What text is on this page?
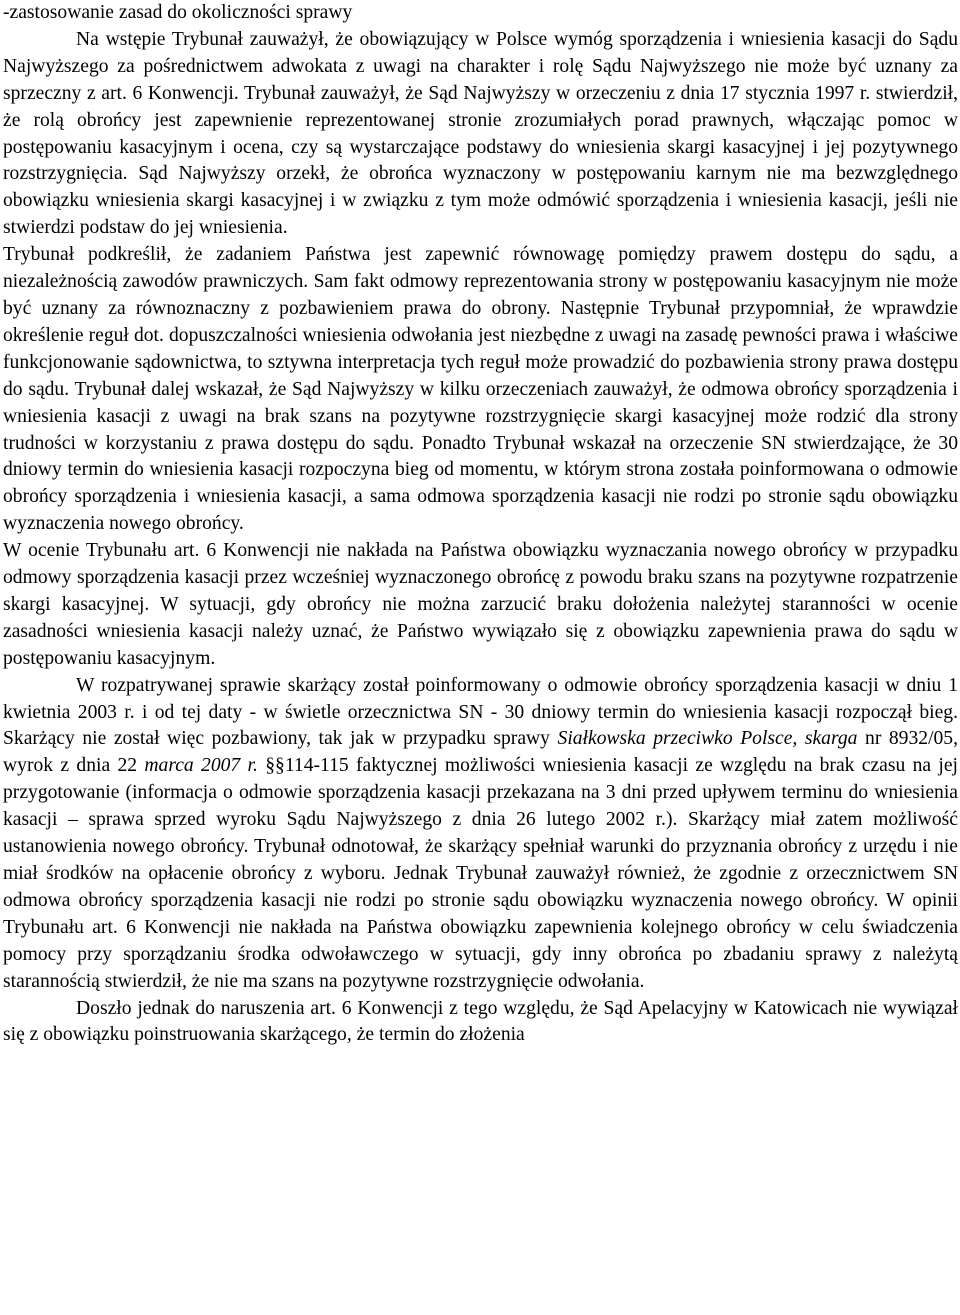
-zastosowanie zasad do okoliczności sprawy

Na wstępie Trybunał zauważył, że obowiązujący w Polsce wymóg sporządzenia i wniesienia kasacji do Sądu Najwyższego za pośrednictwem adwokata z uwagi na charakter i rolę Sądu Najwyższego nie może być uznany za sprzeczny z art. 6 Konwencji. Trybunał zauważył, że Sąd Najwyższy w orzeczeniu z dnia 17 stycznia 1997 r. stwierdził, że rolą obrońcy jest zapewnienie reprezentowanej stronie zrozumiałych porad prawnych, włączając pomoc w postępowaniu kasacyjnym i ocena, czy są wystarczające podstawy do wniesienia skargi kasacyjnej i jej pozytywnego rozstrzygnięcia. Sąd Najwyższy orzekł, że obrońca wyznaczony w postępowaniu karnym nie ma bezwzględnego obowiązku wniesienia skargi kasacyjnej i w związku z tym może odmówić sporządzenia i wniesienia kasacji, jeśli nie stwierdzi podstaw do jej wniesienia.

Trybunał podkreślił, że zadaniem Państwa jest zapewnić równowagę pomiędzy prawem dostępu do sądu, a niezależnością zawodów prawniczych. Sam fakt odmowy reprezentowania strony w postępowaniu kasacyjnym nie może być uznany za równoznaczny z pozbawieniem prawa do obrony. Następnie Trybunał przypomniał, że wprawdzie określenie reguł dot. dopuszczalności wniesienia odwołania jest niezbędne z uwagi na zasadę pewności prawa i właściwe funkcjonowanie sądownictwa, to sztywna interpretacja tych reguł może prowadzić do pozbawienia strony prawa dostępu do sądu. Trybunał dalej wskazał, że Sąd Najwyższy w kilku orzeczeniach zauważył, że odmowa obrońcy sporządzenia i wniesienia kasacji z uwagi na brak szans na pozytywne rozstrzygnięcie skargi kasacyjnej może rodzić dla strony trudności w korzystaniu z prawa dostępu do sądu. Ponadto Trybunał wskazał na orzeczenie SN stwierdzające, że 30 dniowy termin do wniesienia kasacji rozpoczyna bieg od momentu, w którym strona została poinformowana o odmowie obrońcy sporządzenia i wniesienia kasacji, a sama odmowa sporządzenia kasacji nie rodzi po stronie sądu obowiązku wyznaczenia nowego obrońcy.

W ocenie Trybunału art. 6 Konwencji nie nakłada na Państwa obowiązku wyznaczania nowego obrońcy w przypadku odmowy sporządzenia kasacji przez wcześniej wyznaczonego obrońcę z powodu braku szans na pozytywne rozpatrzenie skargi kasacyjnej. W sytuacji, gdy obrońcy nie można zarzucić braku dołożenia należytej staranności w ocenie zasadności wniesienia kasacji należy uznać, że Państwo wywiązało się z obowiązku zapewnienia prawa do sądu w postępowaniu kasacyjnym.

W rozpatrywanej sprawie skarżący został poinformowany o odmowie obrońcy sporządzenia kasacji w dniu 1 kwietnia 2003 r. i od tej daty - w świetle orzecznictwa SN - 30 dniowy termin do wniesienia kasacji rozpoczął bieg. Skarżący nie został więc pozbawiony, tak jak w przypadku sprawy Siałkowska przeciwko Polsce, skarga nr 8932/05, wyrok z dnia 22 marca 2007 r. §§114-115 faktycznej możliwości wniesienia kasacji ze względu na brak czasu na jej przygotowanie (informacja o odmowie sporządzenia kasacji przekazana na 3 dni przed upływem terminu do wniesienia kasacji – sprawa sprzed wyroku Sądu Najwyższego z dnia 26 lutego 2002 r.). Skarżący miał zatem możliwość ustanowienia nowego obrońcy. Trybunał odnotował, że skarżący spełniał warunki do przyznania obrońcy z urzędu i nie miał środków na opłacenie obrońcy z wyboru. Jednak Trybunał zauważył również, że zgodnie z orzecznictwem SN odmowa obrońcy sporządzenia kasacji nie rodzi po stronie sądu obowiązku wyznaczenia nowego obrońcy. W opinii Trybunału art. 6 Konwencji nie nakłada na Państwa obowiązku zapewnienia kolejnego obrońcy w celu świadczenia pomocy przy sporządzaniu środka odwoławczego w sytuacji, gdy inny obrońca po zbadaniu sprawy z należytą starannością stwierdził, że nie ma szans na pozytywne rozstrzygnięcie odwołania.

Doszło jednak do naruszenia art. 6 Konwencji z tego względu, że Sąd Apelacyjny w Katowicach nie wywiązał się z obowiązku poinstruowania skarżącego, że termin do złożenia
